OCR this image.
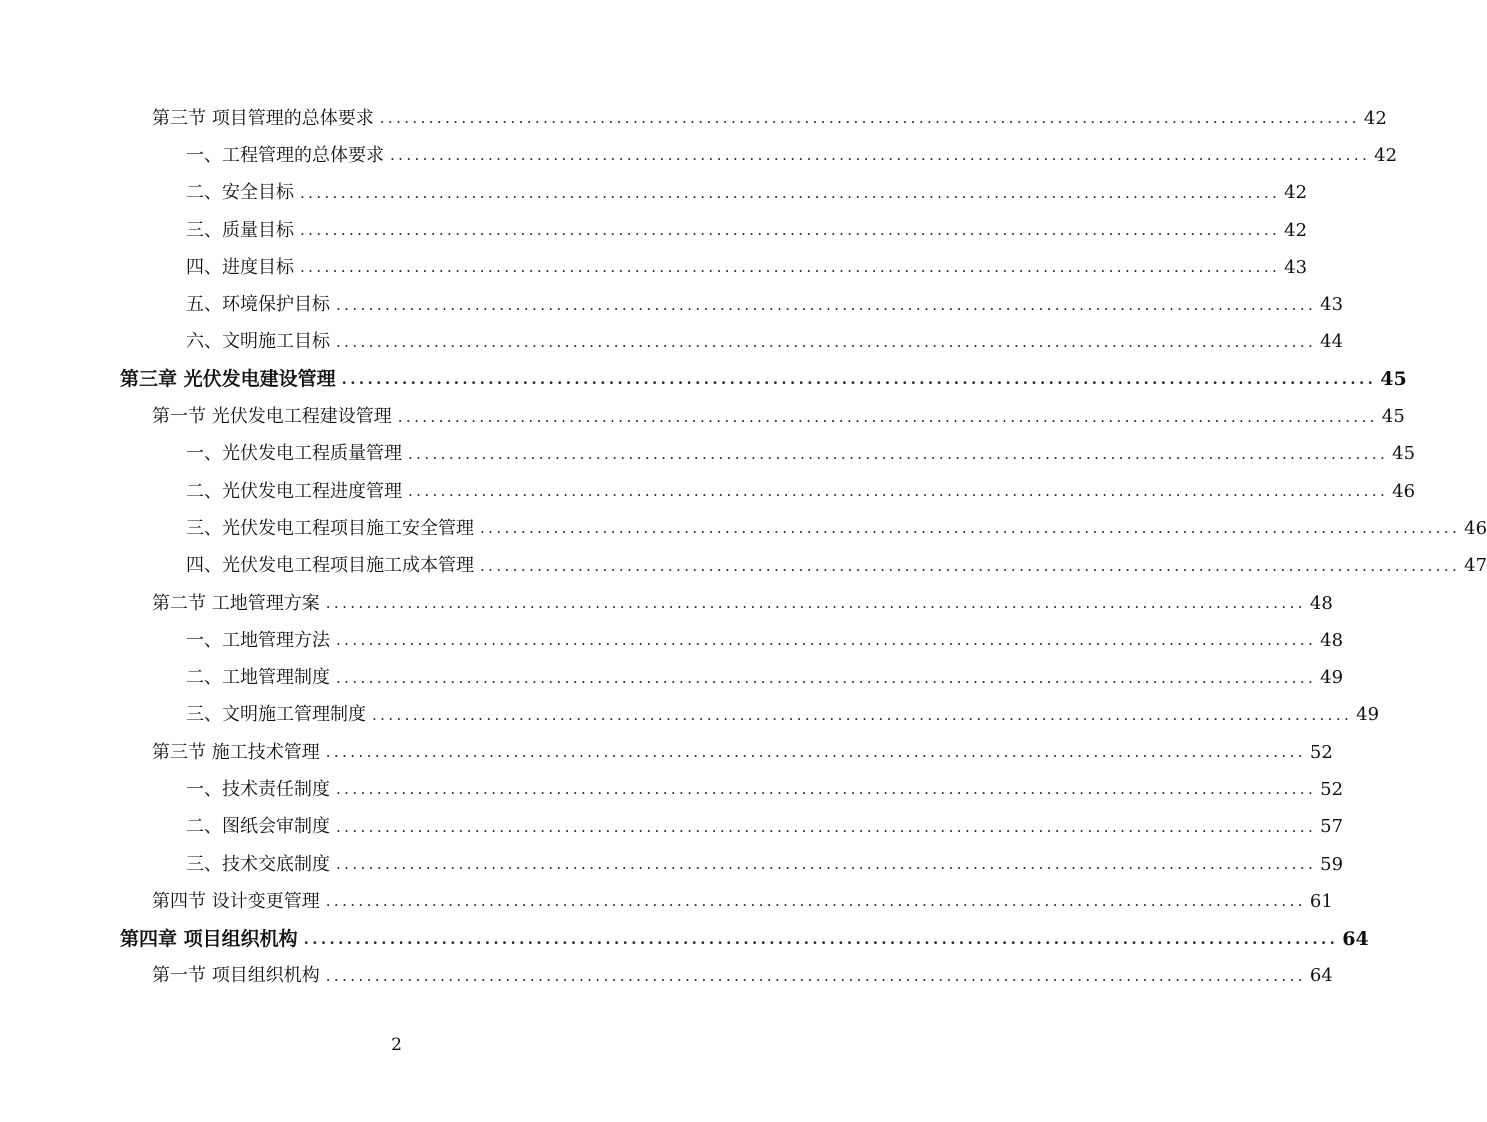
第三节 项目管理的总体要求 ........................................................................................................................ 42
一、工程管理的总体要求 ........................................................................................................................ 42
二、安全目标 ........................................................................................................................ 42
三、质量目标 ........................................................................................................................ 42
四、进度目标 ........................................................................................................................ 43
五、环境保护目标 ........................................................................................................................ 43
六、文明施工目标 ........................................................................................................................ 44
第三章 光伏发电建设管理 ........................................................................................................................ 45
第一节 光伏发电工程建设管理 ........................................................................................................................ 45
一、光伏发电工程质量管理 ........................................................................................................................ 45
二、光伏发电工程进度管理 ........................................................................................................................ 46
三、光伏发电工程项目施工安全管理 ........................................................................................................................ 46
四、光伏发电工程项目施工成本管理 ........................................................................................................................ 47
第二节 工地管理方案 ........................................................................................................................ 48
一、工地管理方法 ........................................................................................................................ 48
二、工地管理制度 ........................................................................................................................ 49
三、文明施工管理制度 ........................................................................................................................ 49
第三节 施工技术管理 ........................................................................................................................ 52
一、技术责任制度 ........................................................................................................................ 52
二、图纸会审制度 ........................................................................................................................ 57
三、技术交底制度 ........................................................................................................................ 59
第四节 设计变更管理 ........................................................................................................................ 61
第四章 项目组织机构 ........................................................................................................................ 64
第一节 项目组织机构 ........................................................................................................................ 64
2
